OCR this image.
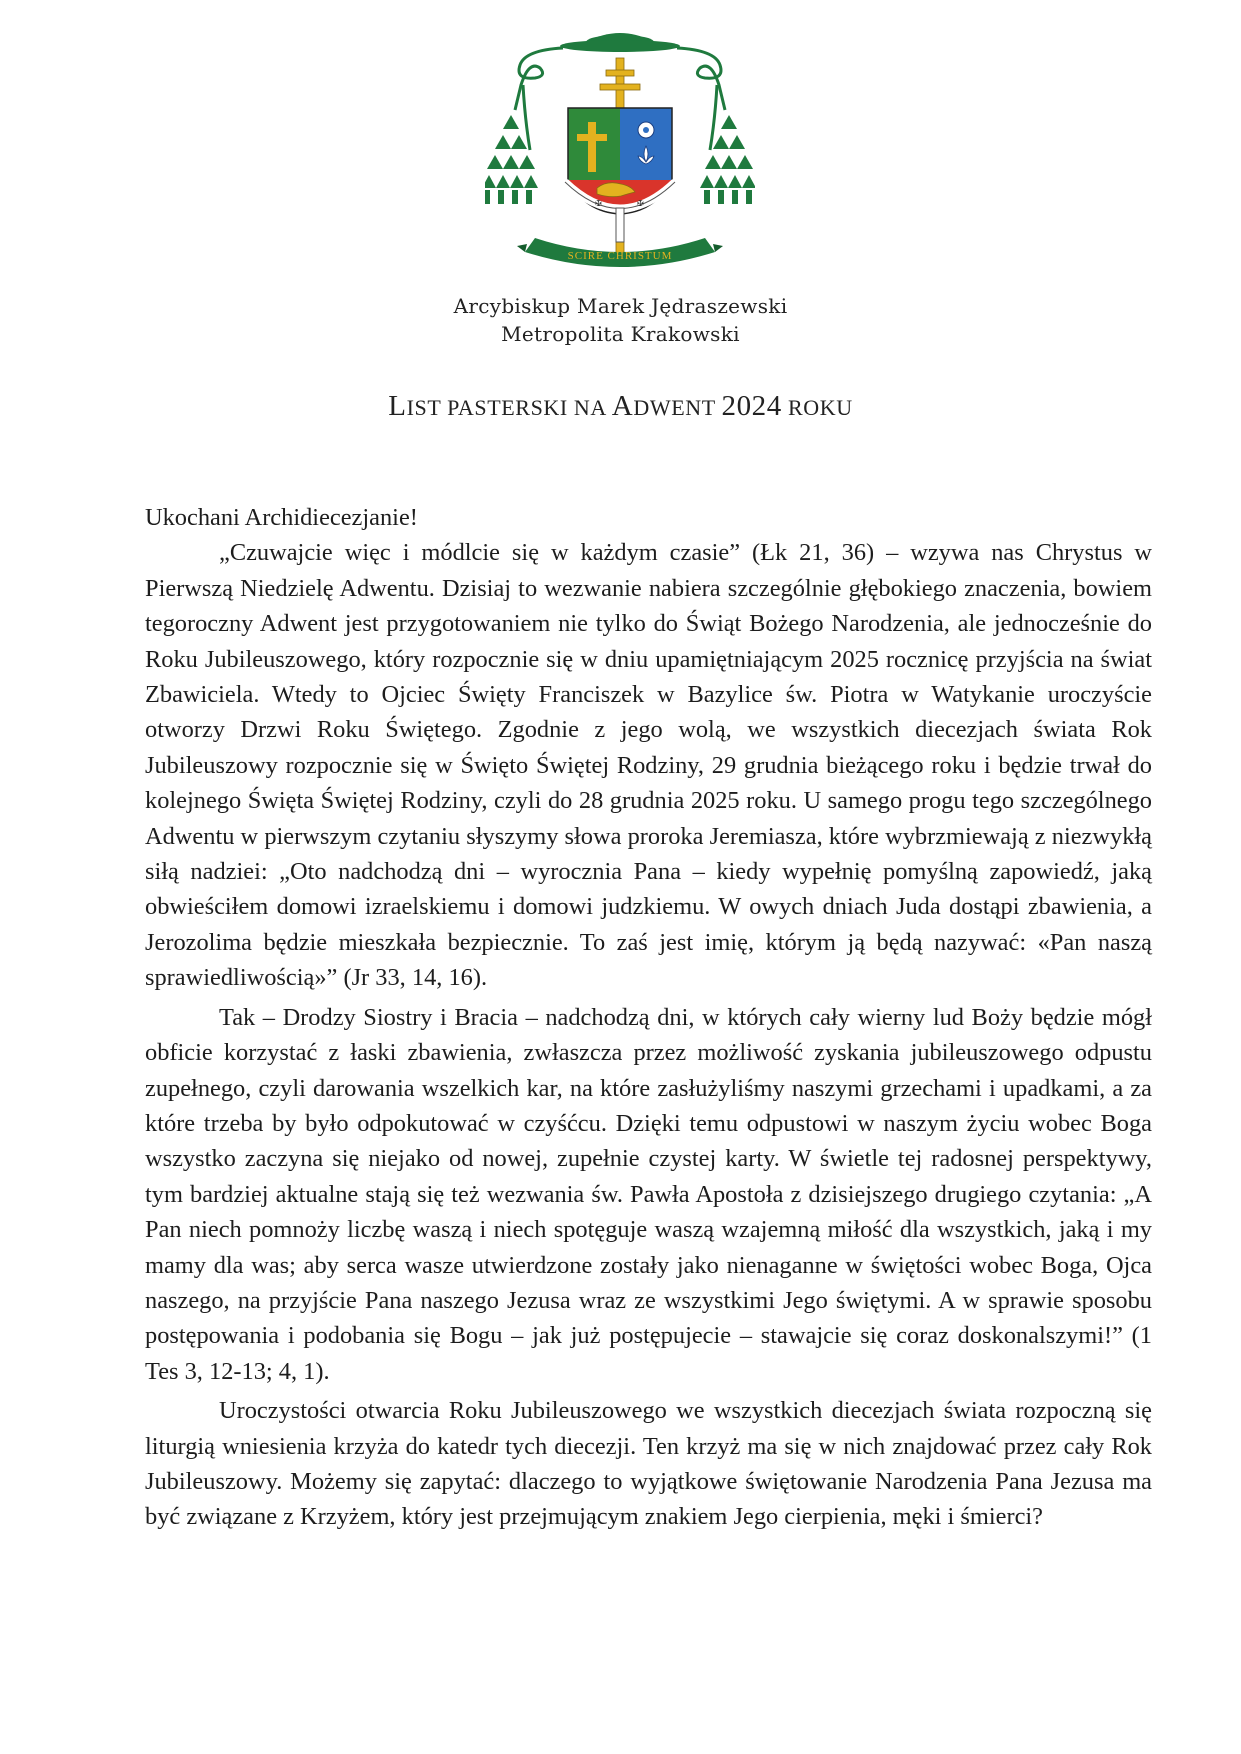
✠	✠
SCIRE CHRISTUM
Arcybiskup Marek Jędraszewski
Metropolita Krakowski
LIST PASTERSKI NA ADWENT 2024 ROKU

Ukochani Archidiecezjanie!

„Czuwajcie więc i módlcie się w każdym czasie” (Łk 21, 36) – wzywa nas Chrystus w Pierwszą Niedzielę Adwentu. Dzisiaj to wezwanie nabiera szczególnie głębokiego znaczenia, bowiem tegoroczny Adwent jest przygotowaniem nie tylko do Świąt Bożego Narodzenia, ale jednocześnie do Roku Jubileuszowego, który rozpocznie się w dniu upamiętniającym 2025 rocznicę przyjścia na świat Zbawiciela. Wtedy to Ojciec Święty Franciszek w Bazylice św. Piotra w Watykanie uroczyście otworzy Drzwi Roku Świętego. Zgodnie z jego wolą, we wszystkich diecezjach świata Rok Jubileuszowy rozpocznie się w Święto Świętej Rodziny, 29 grudnia bieżącego roku i będzie trwał do kolejnego Święta Świętej Rodziny, czyli do 28 grudnia 2025 roku. U samego progu tego szczególnego Adwentu w pierwszym czytaniu słyszymy słowa proroka Jeremiasza, które wybrzmiewają z niezwykłą siłą nadziei: „Oto nadchodzą dni – wyrocznia Pana – kiedy wypełnię pomyślną zapowiedź, jaką obwieściłem domowi izraelskiemu i domowi judzkiemu. W owych dniach Juda dostąpi zbawienia, a Jerozolima będzie mieszkała bezpiecznie. To zaś jest imię, którym ją będą nazywać: «Pan naszą sprawiedliwością»” (Jr 33, 14, 16).

Tak – Drodzy Siostry i Bracia – nadchodzą dni, w których cały wierny lud Boży będzie mógł obficie korzystać z łaski zbawienia, zwłaszcza przez możliwość zyskania jubileuszowego odpustu zupełnego, czyli darowania wszelkich kar, na które zasłużyliśmy naszymi grzechami i upadkami, a za które trzeba by było odpokutować w czyśćcu. Dzięki temu odpustowi w naszym życiu wobec Boga wszystko zaczyna się niejako od nowej, zupełnie czystej karty. W świetle tej radosnej perspektywy, tym bardziej aktualne stają się też wezwania św. Pawła Apostoła z dzisiejszego drugiego czytania: „A Pan niech pomnoży liczbę waszą i niech spotęguje waszą wzajemną miłość dla wszystkich, jaką i my mamy dla was; aby serca wasze utwierdzone zostały jako nienaganne w świętości wobec Boga, Ojca naszego, na przyjście Pana naszego Jezusa wraz ze wszystkimi Jego świętymi. A w sprawie sposobu postępowania i podobania się Bogu – jak już postępujecie – stawajcie się coraz doskonalszymi!” (1 Tes 3, 12-13; 4, 1).

Uroczystości otwarcia Roku Jubileuszowego we wszystkich diecezjach świata rozpoczną się liturgią wniesienia krzyża do katedr tych diecezji. Ten krzyż ma się w nich znajdować przez cały Rok Jubileuszowy. Możemy się zapytać: dlaczego to wyjątkowe świętowanie Narodzenia Pana Jezusa ma być związane z Krzyżem, który jest przejmującym znakiem Jego cierpienia, męki i śmierci?
